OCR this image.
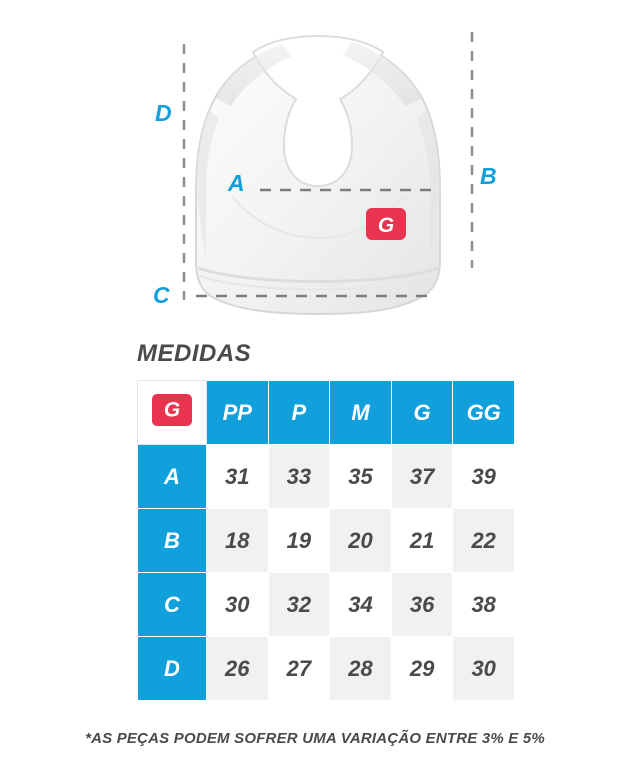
G
D
A	B
C
MEDIDAS
G	PP	P	M	G	GG
A	31	33	35	37	39
B	18	19	20	21	22
C	30	32	34	36	38
D	26	27	28	29	30
*AS PEÇAS PODEM SOFRER UMA VARIAÇÃO ENTRE 3% E 5%
